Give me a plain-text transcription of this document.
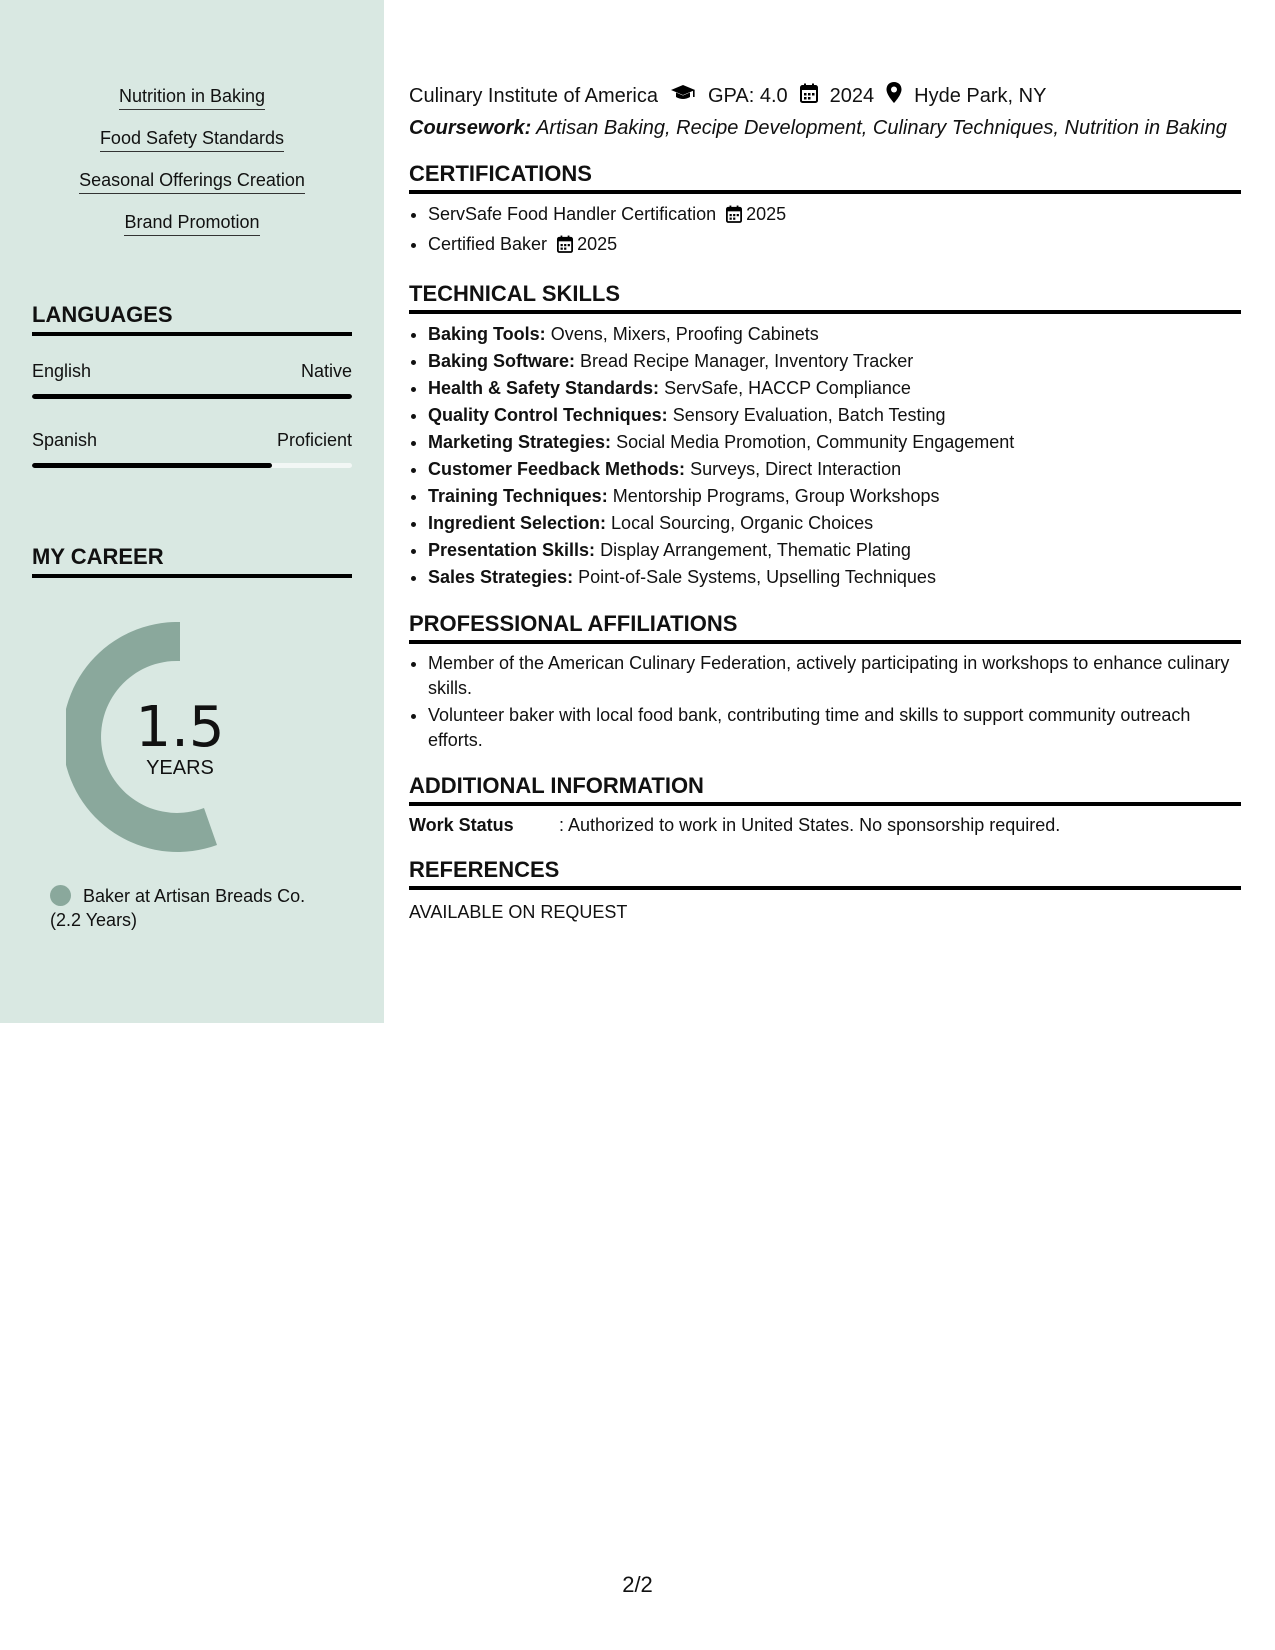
Nutrition in Baking
Food Safety Standards
Seasonal Offerings Creation
Brand Promotion
LANGUAGES
English	Native
Spanish	Proficient
MY CAREER
1.5
YEARS
Baker at Artisan Breads Co. (2.2 Years)
Culinary Institute of America	GPA: 4.0 2024 Hyde Park, NY
Coursework: Artisan Baking, Recipe Development, Culinary Techniques, Nutrition in Baking
CERTIFICATIONS
• ServSafe Food Handler Certification 2025
• Certified Baker 2025
TECHNICAL SKILLS
• Baking Tools: Ovens, Mixers, Proofing Cabinets
• Baking Software: Bread Recipe Manager, Inventory Tracker
• Health & Safety Standards: ServSafe, HACCP Compliance
• Quality Control Techniques: Sensory Evaluation, Batch Testing
• Marketing Strategies: Social Media Promotion, Community Engagement
• Customer Feedback Methods: Surveys, Direct Interaction
• Training Techniques: Mentorship Programs, Group Workshops
• Ingredient Selection: Local Sourcing, Organic Choices
• Presentation Skills: Display Arrangement, Thematic Plating
• Sales Strategies: Point-of-Sale Systems, Upselling Techniques
PROFESSIONAL AFFILIATIONS
• Member of the American Culinary Federation, actively participating in workshops to enhance culinary skills.
• Volunteer baker with local food bank, contributing time and skills to support community outreach efforts.
ADDITIONAL INFORMATION
Work Status	: Authorized to work in United States. No sponsorship required.
REFERENCES
AVAILABLE ON REQUEST
2/2
